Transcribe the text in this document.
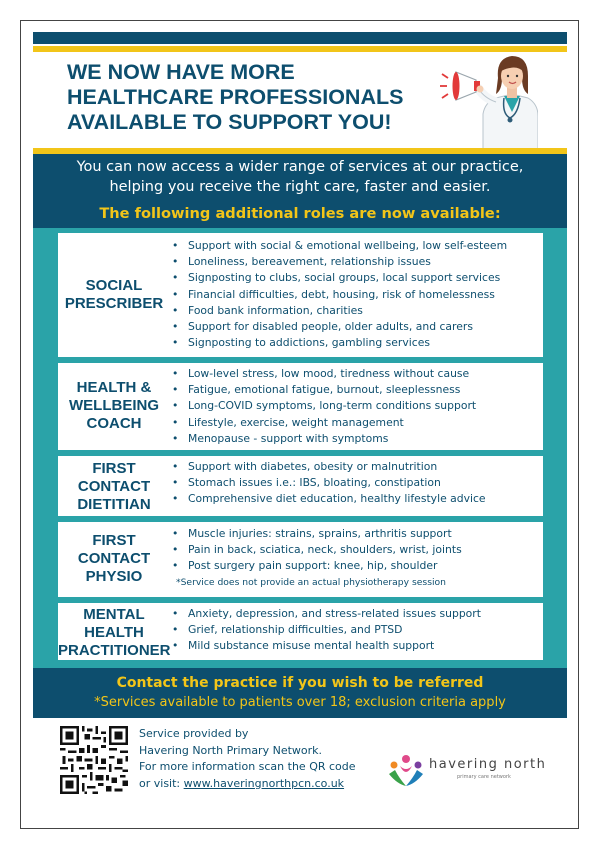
WE NOW HAVE MORE
HEALTHCARE PROFESSIONALS
AVAILABLE TO SUPPORT YOU!
You can now access a wider range of services at our practice,
helping you receive the right care, faster and easier.
The following additional roles are now available:
SOCIAL
PRESCRIBER
• Support with social & emotional wellbeing, low self-esteem
• Loneliness, bereavement, relationship issues
• Signposting to clubs, social groups, local support services
• Financial difficulties, debt, housing, risk of homelessness
• Food bank information, charities
• Support for disabled people, older adults, and carers
• Signposting to addictions, gambling services
HEALTH &
WELLBEING
COACH
• Low-level stress, low mood, tiredness without cause
• Fatigue, emotional fatigue, burnout, sleeplessness
• Long-COVID symptoms, long-term conditions support
• Lifestyle, exercise, weight management
• Menopause - support with symptoms
FIRST
CONTACT
DIETITIAN
• Support with diabetes, obesity or malnutrition
• Stomach issues i.e.: IBS, bloating, constipation
• Comprehensive diet education, healthy lifestyle advice
FIRST
CONTACT
PHYSIO
• Muscle injuries: strains, sprains, arthritis support
• Pain in back, sciatica, neck, shoulders, wrist, joints
• Post surgery pain support: knee, hip, shoulder
*Service does not provide an actual physiotherapy session
MENTAL
HEALTH
PRACTITIONER
• Anxiety, depression, and stress-related issues support
• Grief, relationship difficulties, and PTSD
• Mild substance misuse mental health support
Contact the practice if you wish to be referred
*Services available to patients over 18; exclusion criteria apply

Service provided by
Havering North Primary Network.
For more information scan the QR code
or visit: www.haveringnorthpcn.co.uk

havering north
primary care network
